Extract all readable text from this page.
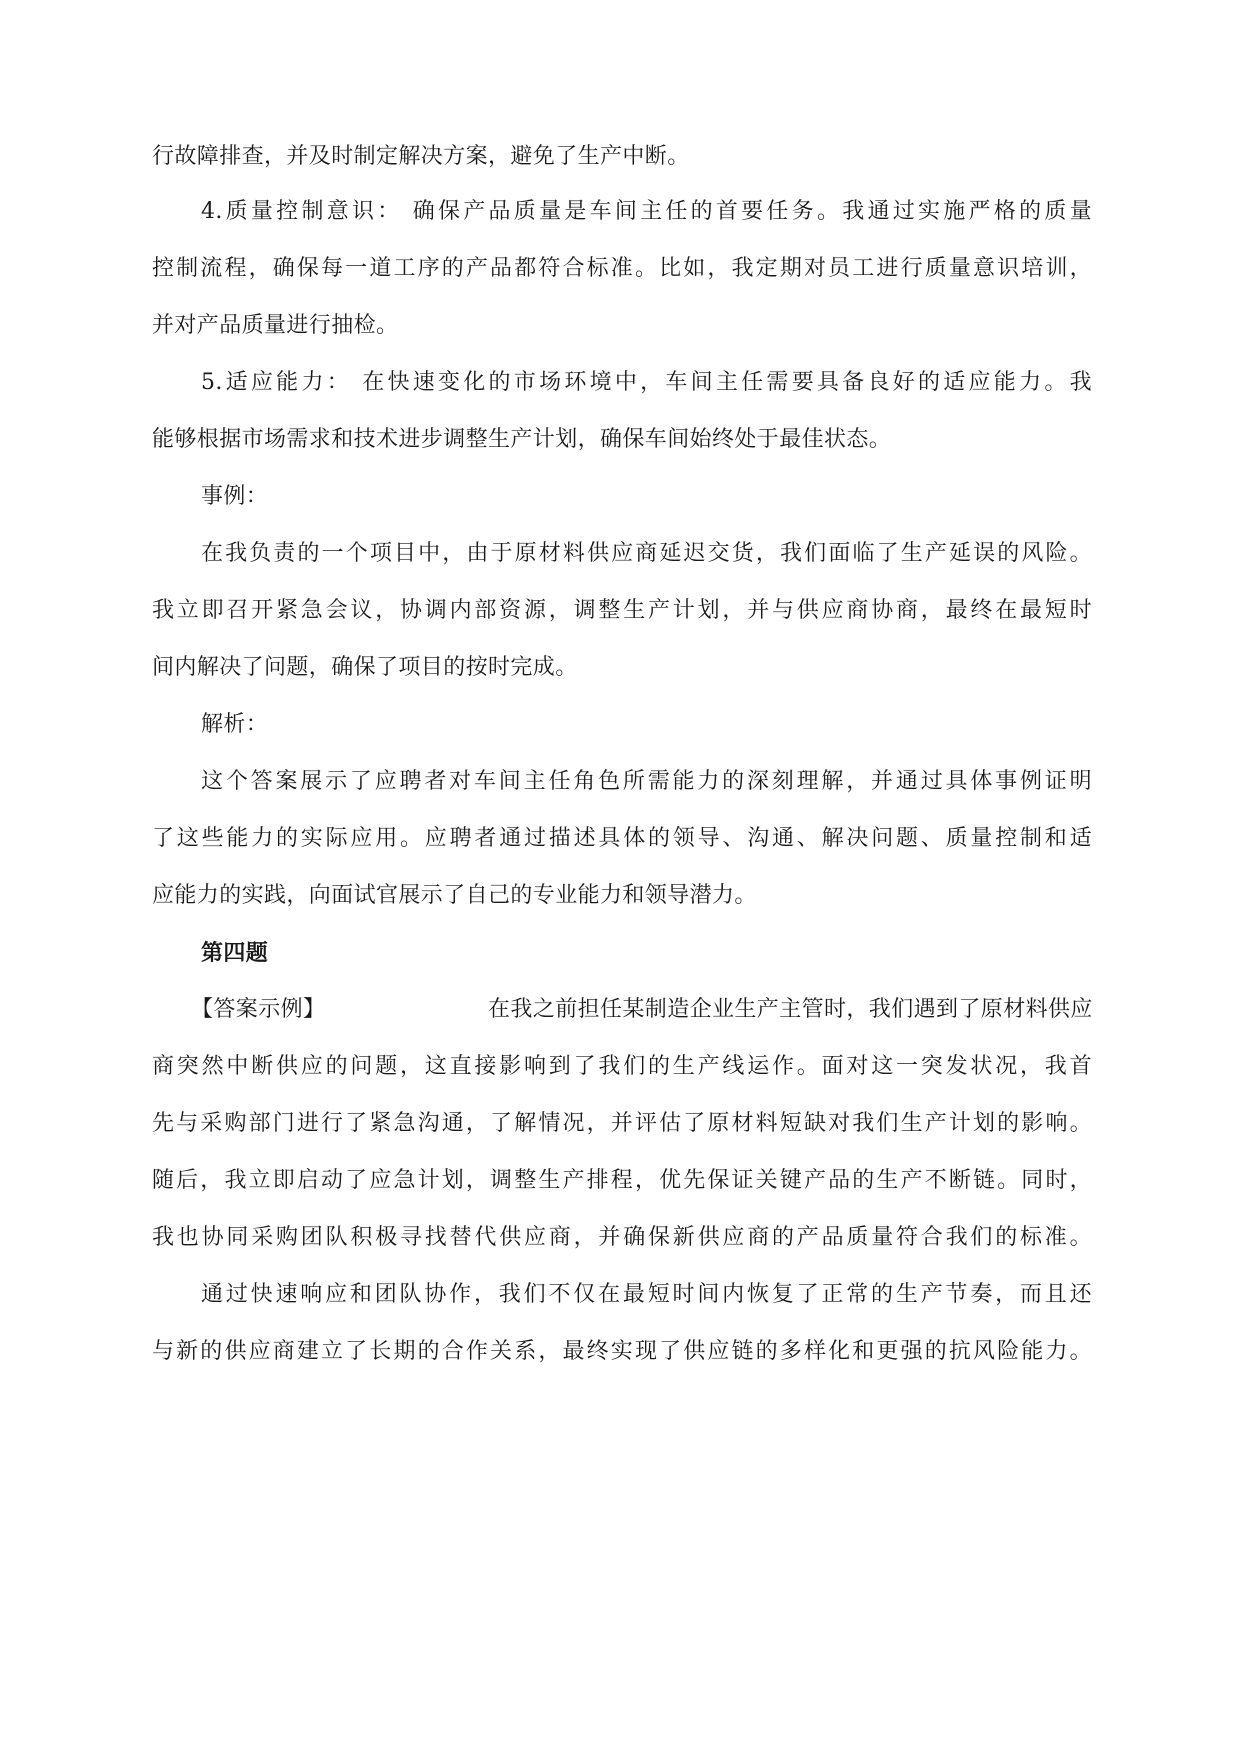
行故障排查，并及时制定解决方案，避免了生产中断。
4.质量控制意识： 确保产品质量是车间主任的首要任务。我通过实施严格的质量
控制流程，确保每一道工序的产品都符合标准。比如，我定期对员工进行质量意识培训，
并对产品质量进行抽检。
5.适应能力： 在快速变化的市场环境中，车间主任需要具备良好的适应能力。我
能够根据市场需求和技术进步调整生产计划，确保车间始终处于最佳状态。
事例：
在我负责的一个项目中，由于原材料供应商延迟交货，我们面临了生产延误的风险。
我立即召开紧急会议，协调内部资源，调整生产计划，并与供应商协商，最终在最短时
间内解决了问题，确保了项目的按时完成。
解析：
这个答案展示了应聘者对车间主任角色所需能力的深刻理解，并通过具体事例证明
了这些能力的实际应用。应聘者通过描述具体的领导、沟通、解决问题、质量控制和适
应能力的实践，向面试官展示了自己的专业能力和领导潜力。
第四题
【答案示例】	在我之前担任某制造企业生产主管时，我们遇到了原材料供应
商突然中断供应的问题，这直接影响到了我们的生产线运作。面对这一突发状况，我首
先与采购部门进行了紧急沟通，了解情况，并评估了原材料短缺对我们生产计划的影响。
随后，我立即启动了应急计划，调整生产排程，优先保证关键产品的生产不断链。同时，
我也协同采购团队积极寻找替代供应商，并确保新供应商的产品质量符合我们的标准。
通过快速响应和团队协作，我们不仅在最短时间内恢复了正常的生产节奏，而且还
与新的供应商建立了长期的合作关系，最终实现了供应链的多样化和更强的抗风险能力。
